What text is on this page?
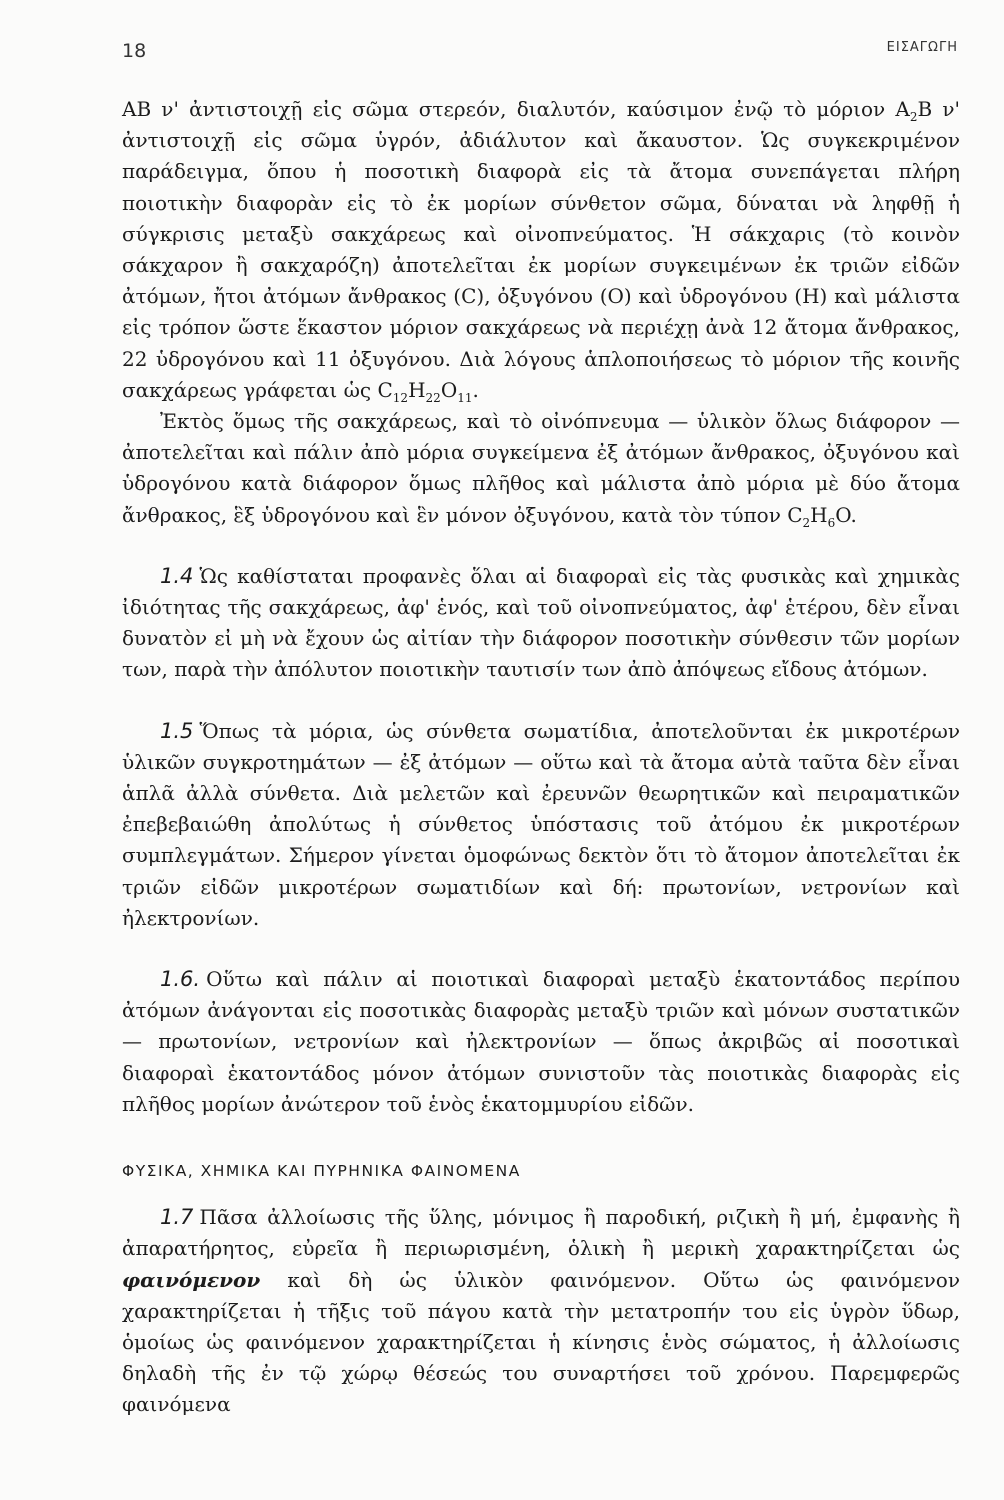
18	ΕΙΣΑΓΩΓΗ

ΑΒ ν' ἀντιστοιχῇ εἰς σῶμα στερεόν, διαλυτόν, καύσιμον ἐνῷ τὸ μόριον $A_2B$ ν' ἀντιστοιχῇ εἰς σῶμα ὑγρόν, ἀδιάλυτον καὶ ἄκαυστον. Ὡς συγκεκριμένον παράδειγμα, ὅπου ἡ ποσοτικὴ διαφορὰ εἰς τὰ ἄτομα συνεπάγεται πλήρη ποιοτικὴν διαφορὰν εἰς τὸ ἐκ μορίων σύνθετον σῶμα, δύναται νὰ ληφθῇ ἡ σύγκρισις μεταξὺ σακχάρεως καὶ οἰνοπνεύματος. Ἡ σάκχαρις (τὸ κοινὸν σάκχαρον ἢ σακχαρόζη) ἀποτελεῖται ἐκ μορίων συγκειμένων ἐκ τριῶν εἰδῶν ἀτόμων, ἤτοι ἀτόμων ἄνθρακος (C), ὀξυγόνου (O) καὶ ὑδρογόνου (H) καὶ μάλιστα εἰς τρόπον ὥστε ἕκαστον μόριον σακχάρεως νὰ περιέχῃ ἀνὰ 12 ἄτομα ἄνθρακος, 22 ὑδρογόνου καὶ 11 ὀξυγόνου. Διὰ λόγους ἁπλοποιήσεως τὸ μόριον τῆς κοινῆς σακχάρεως γράφεται ὡς $C_{12}H_{22}O_{11}$.

Ἐκτὸς ὅμως τῆς σακχάρεως, καὶ τὸ οἰνόπνευμα — ὑλικὸν ὅλως διάφορον — ἀποτελεῖται καὶ πάλιν ἀπὸ μόρια συγκείμενα ἐξ ἀτόμων ἄνθρακος, ὀξυγόνου καὶ ὑδρογόνου κατὰ διάφορον ὅμως πλῆθος καὶ μάλιστα ἀπὸ μόρια μὲ δύο ἄτομα ἄνθρακος, ἓξ ὑδρογόνου καὶ ἓν μόνον ὀξυγόνου, κατὰ τὸν τύπον $C_2H_6O$.

1.4 Ὡς καθίσταται προφανὲς ὅλαι αἱ διαφοραὶ εἰς τὰς φυσικὰς καὶ χημικὰς ἰδιότητας τῆς σακχάρεως, ἀφ' ἑνός, καὶ τοῦ οἰνοπνεύματος, ἀφ' ἑτέρου, δὲν εἶναι δυνατὸν εἰ μὴ νὰ ἔχουν ὡς αἰτίαν τὴν διάφορον ποσοτικὴν σύνθεσιν τῶν μορίων των, παρὰ τὴν ἀπόλυτον ποιοτικὴν ταυτισίν των ἀπὸ ἀπόψεως εἴδους ἀτόμων.

1.5 Ὅπως τὰ μόρια, ὡς σύνθετα σωματίδια, ἀποτελοῦνται ἐκ μικροτέρων ὑλικῶν συγκροτημάτων — ἐξ ἀτόμων — οὕτω καὶ τὰ ἄτομα αὐτὰ ταῦτα δὲν εἶναι ἁπλᾶ ἀλλὰ σύνθετα. Διὰ μελετῶν καὶ ἐρευνῶν θεωρητικῶν καὶ πειραματικῶν ἐπεβεβαιώθη ἀπολύτως ἡ σύνθετος ὑπόστασις τοῦ ἀτόμου ἐκ μικροτέρων συμπλεγμάτων. Σήμερον γίνεται ὁμοφώνως δεκτὸν ὅτι τὸ ἄτομον ἀποτελεῖται ἐκ τριῶν εἰδῶν μικροτέρων σωματιδίων καὶ δή: πρωτονίων, νετρονίων καὶ ἠλεκτρονίων.

1.6. Οὕτω καὶ πάλιν αἱ ποιοτικαὶ διαφοραὶ μεταξὺ ἑκατοντάδος περίπου ἀτόμων ἀνάγονται εἰς ποσοτικὰς διαφορὰς μεταξὺ τριῶν καὶ μόνων συστατικῶν — πρωτονίων, νετρονίων καὶ ἠλεκτρονίων — ὅπως ἀκριβῶς αἱ ποσοτικαὶ διαφοραὶ ἑκατοντάδος μόνον ἀτόμων συνιστοῦν τὰς ποιοτικὰς διαφορὰς εἰς πλῆθος μορίων ἀνώτερον τοῦ ἑνὸς ἑκατομμυρίου εἰδῶν.

ΦΥΣΙΚΑ, ΧΗΜΙΚΑ ΚΑΙ ΠΥΡΗΝΙΚΑ ΦΑΙΝΟΜΕΝΑ

1.7 Πᾶσα ἀλλοίωσις τῆς ὕλης, μόνιμος ἢ παροδική, ριζικὴ ἢ μή, ἐμφανὴς ἢ ἀπαρατήρητος, εὐρεῖα ἢ περιωρισμένη, ὁλικὴ ἢ μερικὴ χαρακτηρίζεται ὡς φαινόμενον καὶ δὴ ὡς ὑλικὸν φαινόμενον. Οὕτω ὡς φαινόμενον χαρακτηρίζεται ἡ τῆξις τοῦ πάγου κατὰ τὴν μετατροπήν του εἰς ὑγρὸν ὕδωρ, ὁμοίως ὡς φαινόμενον χαρακτηρίζεται ἡ κίνησις ἑνὸς σώματος, ἡ ἀλλοίωσις δηλαδὴ τῆς ἐν τῷ χώρῳ θέσεώς του συναρτήσει τοῦ χρόνου. Παρεμφερῶς φαινόμενα
